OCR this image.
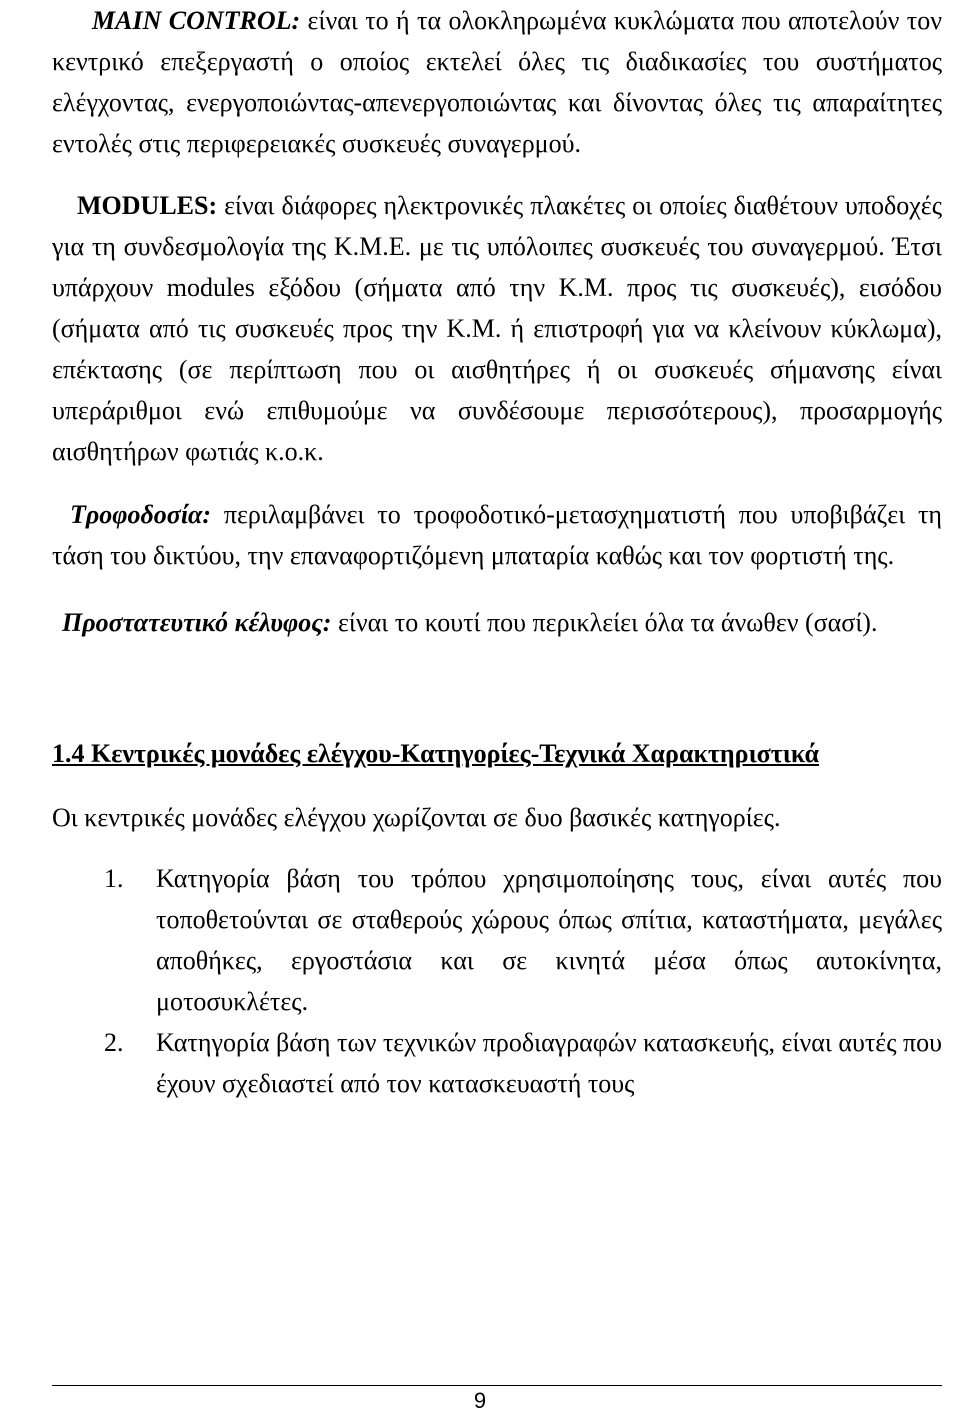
MAIN CONTROL: είναι το ή τα ολοκληρωμένα κυκλώματα που αποτελούν τον κεντρικό επεξεργαστή ο οποίος εκτελεί όλες τις διαδικασίες του συστήματος ελέγχοντας, ενεργοποιώντας-απενεργοποιώντας και δίνοντας όλες τις απαραίτητες εντολές στις περιφερειακές συσκευές συναγερμού.

MODULES: είναι διάφορες ηλεκτρονικές πλακέτες οι οποίες διαθέτουν υποδοχές για τη συνδεσμολογία της Κ.Μ.Ε. με τις υπόλοιπες συσκευές του συναγερμού. Έτσι υπάρχουν modules εξόδου (σήματα από την Κ.Μ. προς τις συσκευές), εισόδου (σήματα από τις συσκευές προς την Κ.Μ. ή επιστροφή για να κλείνουν κύκλωμα), επέκτασης (σε περίπτωση που οι αισθητήρες ή οι συσκευές σήμανσης είναι υπεράριθμοι ενώ επιθυμούμε να συνδέσουμε περισσότερους), προσαρμογής αισθητήρων φωτιάς κ.ο.κ.

Τροφοδοσία: περιλαμβάνει το τροφοδοτικό-μετασχηματιστή που υποβιβάζει τη τάση του δικτύου, την επαναφορτιζόμενη μπαταρία καθώς και τον φορτιστή της.

Προστατευτικό κέλυφος: είναι το κουτί που περικλείει όλα τα άνωθεν (σασί).

1.4 Κεντρικές μονάδες ελέγχου-Κατηγορίες-Τεχνικά Χαρακτηριστικά

Οι κεντρικές μονάδες ελέγχου χωρίζονται σε δυο βασικές κατηγορίες.

1. Κατηγορία βάση του τρόπου χρησιμοποίησης τους, είναι αυτές που τοποθετούνται σε σταθερούς χώρους όπως σπίτια, καταστήματα, μεγάλες αποθήκες, εργοστάσια και σε κινητά μέσα όπως αυτοκίνητα, μοτοσυκλέτες.
2. Κατηγορία βάση των τεχνικών προδιαγραφών κατασκευής, είναι αυτές που έχουν σχεδιαστεί από τον κατασκευαστή τους
9
